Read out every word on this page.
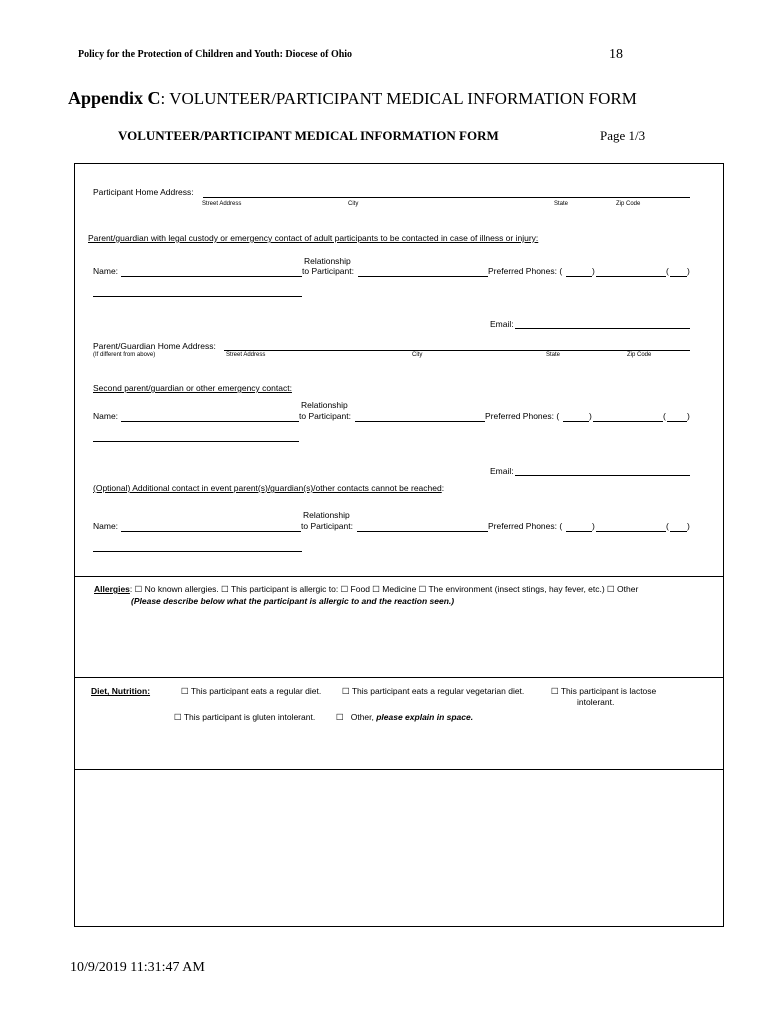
Policy for the Protection of Children and Youth: Diocese of Ohio	18
Appendix C: VOLUNTEER/PARTICIPANT MEDICAL INFORMATION FORM
VOLUNTEER/PARTICIPANT MEDICAL INFORMATION FORM	Page 1/3
Participant Home Address:
Street Address	City	State	Zip Code
Parent/guardian with legal custody or emergency contact of adult participants to be contacted in case of illness or injury:
Relationship
Name:	to Participant:	Preferred Phones: (	)	( )
Email:
Parent/Guardian Home Address:
(If different from above)	Street Address	City	State	Zip Code
Second parent/guardian or other emergency contact:
Relationship
Name:	to Participant:	Preferred Phones: (	)	( )
Email:
(Optional) Additional contact in event parent(s)/guardian(s)/other contacts cannot be reached:
Relationship
Name:	to Participant:	Preferred Phones: (	)	( )
Allergies: ☐ No known allergies. ☐ This participant is allergic to: ☐ Food ☐ Medicine ☐ The environment (insect stings, hay fever, etc.) ☐ Other
(Please describe below what the participant is allergic to and the reaction seen.)
Diet, Nutrition:	☐ This participant eats a regular diet. ☐ This participant eats a regular vegetarian diet.	☐ This participant is lactose
intolerant.
☐ This participant is gluten intolerant. ☐ Other, please explain in space.
10/9/2019 11:31:47 AM
